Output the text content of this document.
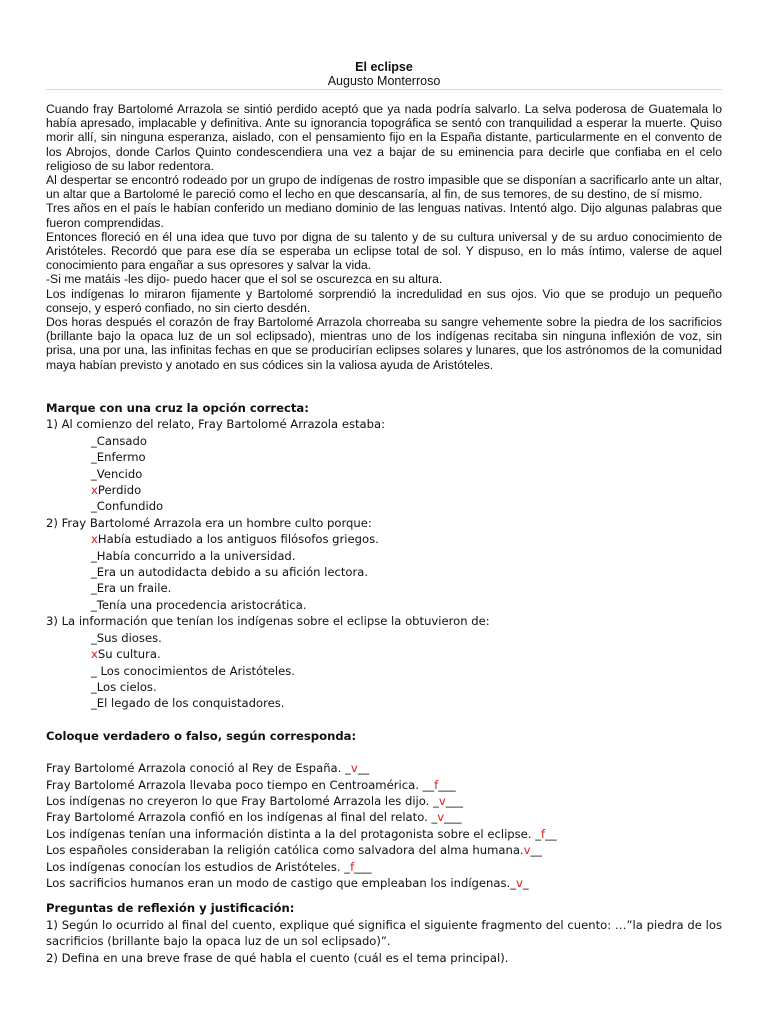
El eclipse
Augusto Monterroso

Cuando fray Bartolomé Arrazola se sintió perdido aceptó que ya nada podría salvarlo. La selva poderosa de Guatemala lo había apresado, implacable y definitiva. Ante su ignorancia topográfica se sentó con tranquilidad a esperar la muerte. Quiso morir allí, sin ninguna esperanza, aislado, con el pensamiento fijo en la España distante, particularmente en el convento de los Abrojos, donde Carlos Quinto condescendiera una vez a bajar de su eminencia para decirle que confiaba en el celo religioso de su labor redentora.

Al despertar se encontró rodeado por un grupo de indígenas de rostro impasible que se disponían a sacrificarlo ante un altar, un altar que a Bartolomé le pareció como el lecho en que descansaría, al fin, de sus temores, de su destino, de sí mismo.

Tres años en el país le habían conferido un mediano dominio de las lenguas nativas. Intentó algo. Dijo algunas palabras que fueron comprendidas.

Entonces floreció en él una idea que tuvo por digna de su talento y de su cultura universal y de su arduo conocimiento de Aristóteles. Recordó que para ese día se esperaba un eclipse total de sol. Y dispuso, en lo más íntimo, valerse de aquel conocimiento para engañar a sus opresores y salvar la vida.

-Si me matáis -les dijo- puedo hacer que el sol se oscurezca en su altura.

Los indígenas lo miraron fijamente y Bartolomé sorprendió la incredulidad en sus ojos. Vio que se produjo un pequeño consejo, y esperó confiado, no sin cierto desdén.

Dos horas después el corazón de fray Bartolomé Arrazola chorreaba su sangre vehemente sobre la piedra de los sacrificios (brillante bajo la opaca luz de un sol eclipsado), mientras uno de los indígenas recitaba sin ninguna inflexión de voz, sin prisa, una por una, las infinitas fechas en que se producirían eclipses solares y lunares, que los astrónomos de la comunidad maya habían previsto y anotado en sus códices sin la valiosa ayuda de Aristóteles.

Marque con una cruz la opción correcta:
1) Al comienzo del relato, Fray Bartolomé Arrazola estaba:
_Cansado
_Enfermo
_Vencido
xPerdido
_Confundido
2) Fray Bartolomé Arrazola era un hombre culto porque:
xHabía estudiado a los antiguos filósofos griegos.
_Había concurrido a la universidad.
_Era un autodidacta debido a su afición lectora.
_Era un fraile.
_Tenía una procedencia aristocrática.
3) La información que tenían los indígenas sobre el eclipse la obtuvieron de:
_Sus dioses.
xSu cultura.
_ Los conocimientos de Aristóteles.
_Los cielos.
_El legado de los conquistadores.
Coloque verdadero o falso, según corresponda:
Fray Bartolomé Arrazola conoció al Rey de España. _v__
Fray Bartolomé Arrazola llevaba poco tiempo en Centroamérica. __f___
Los indígenas no creyeron lo que Fray Bartolomé Arrazola les dijo. _v___
Fray Bartolomé Arrazola confió en los indígenas al final del relato. _v___
Los indígenas tenían una información distinta a la del protagonista sobre el eclipse. _f__
Los españoles consideraban la religión católica como salvadora del alma humana.v__
Los indígenas conocían los estudios de Aristóteles. _f___
Los sacrificios humanos eran un modo de castigo que empleaban los indígenas._v_
Preguntas de reflexión y justificación:
1) Según lo ocurrido al final del cuento, explique qué significa el siguiente fragmento del cuento: …”la piedra de los sacrificios (brillante bajo la opaca luz de un sol eclipsado)”.
2) Defina en una breve frase de qué habla el cuento (cuál es el tema principal).
